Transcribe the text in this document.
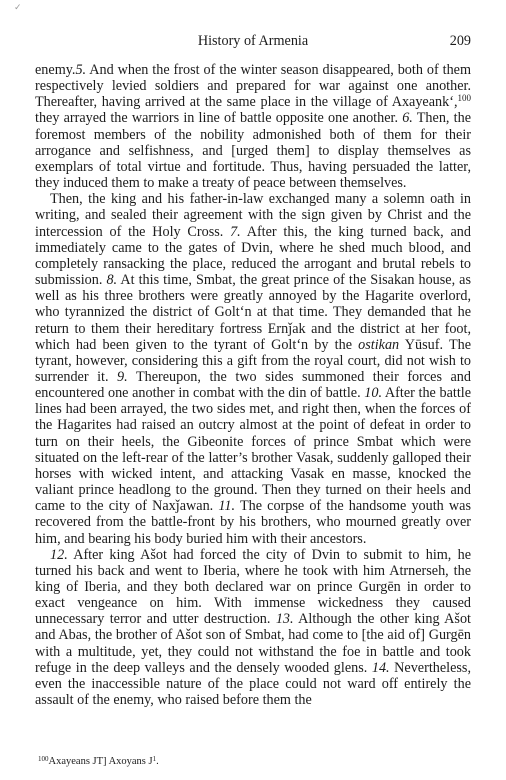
✓
History of Armenia	209

enemy.5. And when the frost of the winter season disappeared, both of them respectively levied soldiers and prepared for war against one another. Thereafter, having arrived at the same place in the village of Axayeank‘,$^{100}$ they arrayed the warriors in line of battle opposite one another. 6. Then, the foremost members of the nobility admonished both of them for their arrogance and selfishness, and [urged them] to display themselves as exemplars of total virtue and fortitude. Thus, having persuaded the latter, they induced them to make a treaty of peace between themselves.

Then, the king and his father-in-law exchanged many a solemn oath in writing, and sealed their agreement with the sign given by Christ and the intercession of the Holy Cross. 7. After this, the king turned back, and immediately came to the gates of Dvin, where he shed much blood, and completely ransacking the place, reduced the arrogant and brutal rebels to submission. 8. At this time, Smbat, the great prince of the Sisakan house, as well as his three brothers were greatly annoyed by the Hagarite overlord, who tyrannized the district of Golt‘n at that time. They demanded that he return to them their hereditary fortress Ernǰak and the district at her foot, which had been given to the tyrant of Golt‘n by the ostikan Yūsuf. The tyrant, however, considering this a gift from the royal court, did not wish to surrender it. 9. Thereupon, the two sides summoned their forces and encountered one another in combat with the din of battle. 10. After the battle lines had been arrayed, the two sides met, and right then, when the forces of the Hagarites had raised an outcry almost at the point of defeat in order to turn on their heels, the Gibeonite forces of prince Smbat which were situated on the left-rear of the latter’s brother Vasak, suddenly galloped their horses with wicked intent, and attacking Vasak en masse, knocked the valiant prince headlong to the ground. Then they turned on their heels and came to the city of Naxǰawan. 11. The corpse of the handsome youth was recovered from the battle-front by his brothers, who mourned greatly over him, and bearing his body buried him with their ancestors.

12. After king Ašot had forced the city of Dvin to submit to him, he turned his back and went to Iberia, where he took with him Atrnerseh, the king of Iberia, and they both declared war on prince Gurgēn in order to exact vengeance on him. With immense wickedness they caused unnecessary terror and utter destruction. 13. Although the other king Ašot and Abas, the brother of Ašot son of Smbat, had come to [the aid of] Gurgēn with a multitude, yet, they could not withstand the foe in battle and took refuge in the deep valleys and the densely wooded glens. 14. Nevertheless, even the inaccessible nature of the place could not ward off entirely the assault of the enemy, who raised before them the

$^{100}$Axayeans JT] Axoyans $J^1$.
